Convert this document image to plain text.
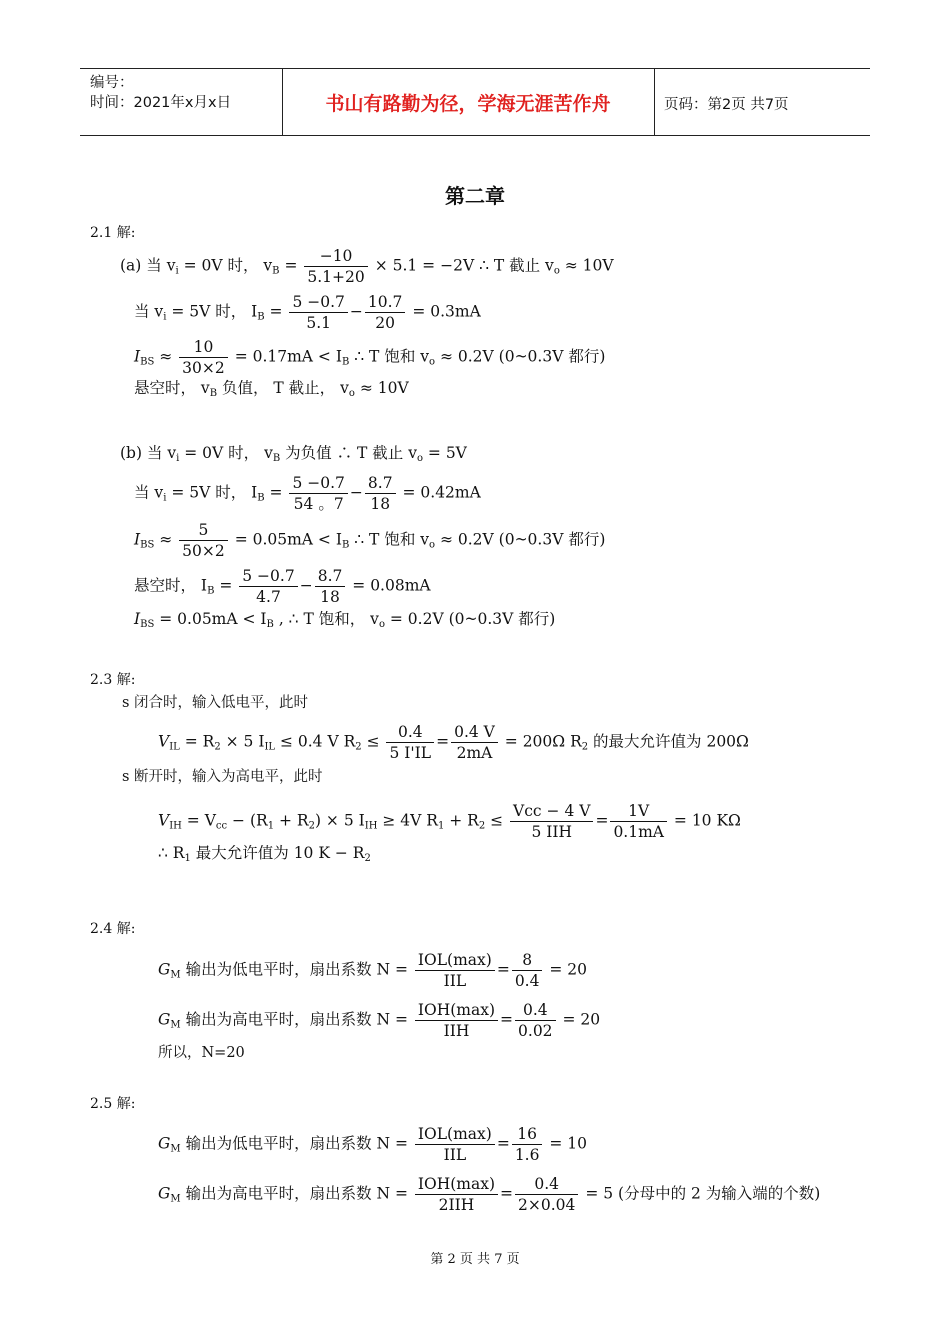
编号：
时间：2021年x月x日	书山有路勤为径，学海无涯苦作舟	页码：第2页 共7页
第二章
2.1 解:
(a) 当 $v_i = 0V$ 时， $v_B = \frac{-10}{5.1+20} \times 5.1 = -2V$ ∴ T 截止 $v_o \approx 10V$
当 $v_i = 5V$ 时， $I_B = \frac{5 -0.7}{5.1} - \frac{10.7}{20} = 0.3mA$
$I_{BS} \approx \frac{10}{30\times 2} = 0.17mA < I_B$ ∴ T 饱和 $v_o \approx 0.2V$ (0~0.3V 都行)
悬空时， $v_B$ 负值， T 截止， $v_o \approx 10V$
(b) 当 $v_i = 0V$ 时， $v_B$ 为负值 ∴ T 截止 $v_o = 5V$
当 $v_i = 5V$ 时， $I_B = \frac{5 -0.7}{54 。7} - \frac{8.7}{18} = 0.42mA$
$I_{BS} \approx \frac{5}{50\times 2} = 0.05mA < I_B$ ∴ T 饱和 $v_o \approx 0.2V$ (0~0.3V 都行)
悬空时， $I_B = \frac{5 -0.7}{4.7} - \frac{8.7}{18} = 0.08mA$
$I_{BS} = 0.05mA < I_B$ , ∴ T 饱和， $v_o = 0.2V$ (0~0.3V 都行)
2.3 解:
s 闭合时，输入低电平，此时
$V_{IL} = R_2 \times 5$ $I_{IL} \le 0.4$ V $R_2 \le \frac{0.4}{5 I'IL} = \frac{0.4 V}{2mA} = 200\Omega$ $R_2$ 的最大允许值为 200Ω
s 断开时，输入为高电平，此时
$V_{IH} = V_{cc} - (R_1 + R_2) \times 5$ $I_{IH} \ge 4V$ $R_1 + R_2 \le \frac{\text{Vcc − 4 V}}{\text{5 IIH}} = \frac{1V}{0.1mA} = 10$ KΩ
∴ $R_1$ 最大允许值为 10 $K - R_2$
2.4 解:
$G_M$ 输出为低电平时，扇出系数 $N = \frac{\text{IOL(max)}}{\text{IIL}} = \frac{8}{0.4} = 20$
$G_M$ 输出为高电平时，扇出系数 $N = \frac{\text{IOH(max)}}{\text{IIH}} = \frac{0.4}{0.02} = 20$
所以，N=20
2.5 解:
$G_M$ 输出为低电平时，扇出系数 $N = \frac{\text{IOL(max)}}{\text{IIL}} = \frac{16}{1.6} = 10$
$G_M$ 输出为高电平时，扇出系数 $N = \frac{\text{IOH(max)}}{\text{2IIH}} = \frac{0.4}{2\times 0.04} = 5$ (分母中的 2 为输入端的个数)
第 2 页 共 7 页
